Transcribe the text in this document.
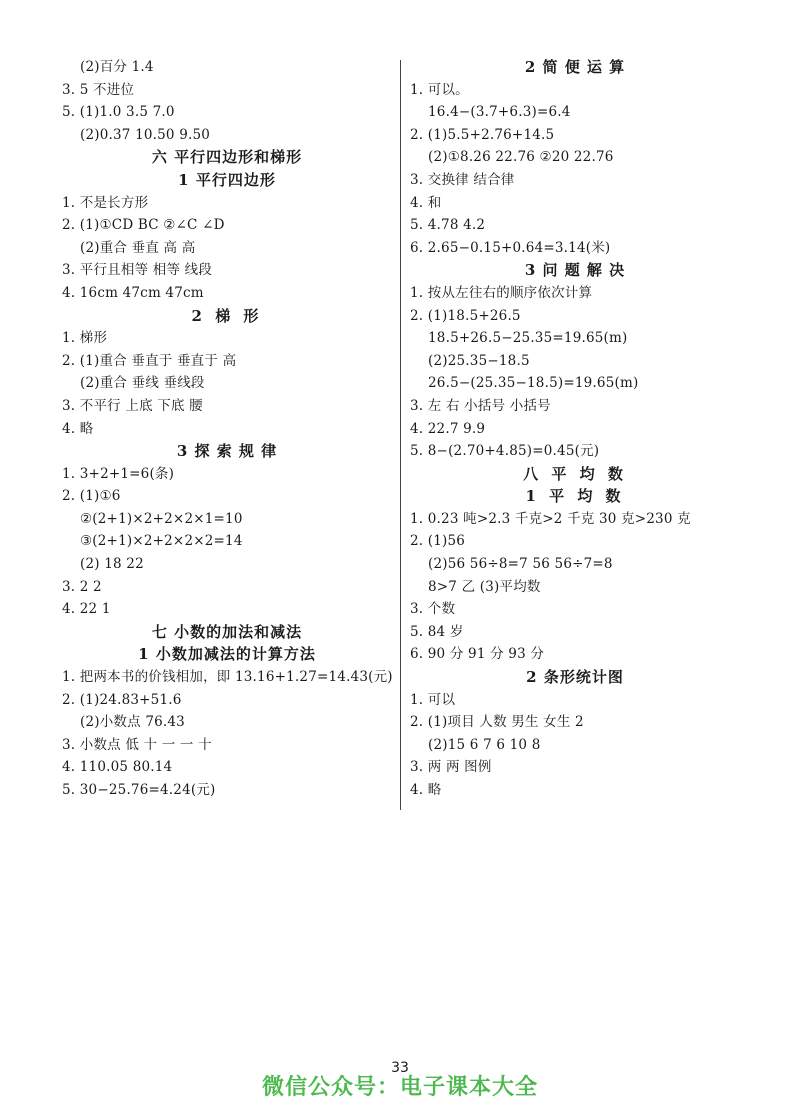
(2)百分 1.4
3. 5 不进位
5. (1)1.0 3.5 7.0
(2)0.37 10.50 9.50
六 平行四边形和梯形
1 平行四边形
1. 不是长方形
2. (1)①CD BC ②∠C ∠D
(2)重合 垂直 高 高
3. 平行且相等 相等 线段
4. 16cm 47cm 47cm
2 梯 形
1. 梯形
2. (1)重合 垂直于 垂直于 高
(2)重合 垂线 垂线段
3. 不平行 上底 下底 腰
4. 略
3 探 索 规 律
1. 3+2+1=6(条)
2. (1)①6
②(2+1)×2+2×2×1=10
③(2+1)×2+2×2×2=14
(2) 18 22
3. 2 2
4. 22 1
七 小数的加法和减法
1 小数加减法的计算方法
1. 把两本书的价钱相加，即 13.16+1.27=14.43(元)
2. (1)24.83+51.6
(2)小数点 76.43
3. 小数点 低 十 一 一 十
4. 110.05 80.14
5. 30−25.76=4.24(元)
2 简 便 运 算
1. 可以。
16.4−(3.7+6.3)=6.4
2. (1)5.5+2.76+14.5
(2)①8.26 22.76 ②20 22.76
3. 交换律 结合律
4. 和
5. 4.78 4.2
6. 2.65−0.15+0.64=3.14(米)
3 问 题 解 决
1. 按从左往右的顺序依次计算
2. (1)18.5+26.5
18.5+26.5−25.35=19.65(m)
(2)25.35−18.5
26.5−(25.35−18.5)=19.65(m)
3. 左 右 小括号 小括号
4. 22.7 9.9
5. 8−(2.70+4.85)=0.45(元)
八 平 均 数
1 平 均 数
1. 0.23 吨>2.3 千克>2 千克 30 克>230 克
2. (1)56
(2)56 56÷8=7 56 56÷7=8
8>7 乙 (3)平均数
3. 个数
5. 84 岁
6. 90 分 91 分 93 分
2 条形统计图
1. 可以
2. (1)项目 人数 男生 女生 2
(2)15 6 7 6 10 8
3. 两 两 图例
4. 略
33
微信公众号：电子课本大全
